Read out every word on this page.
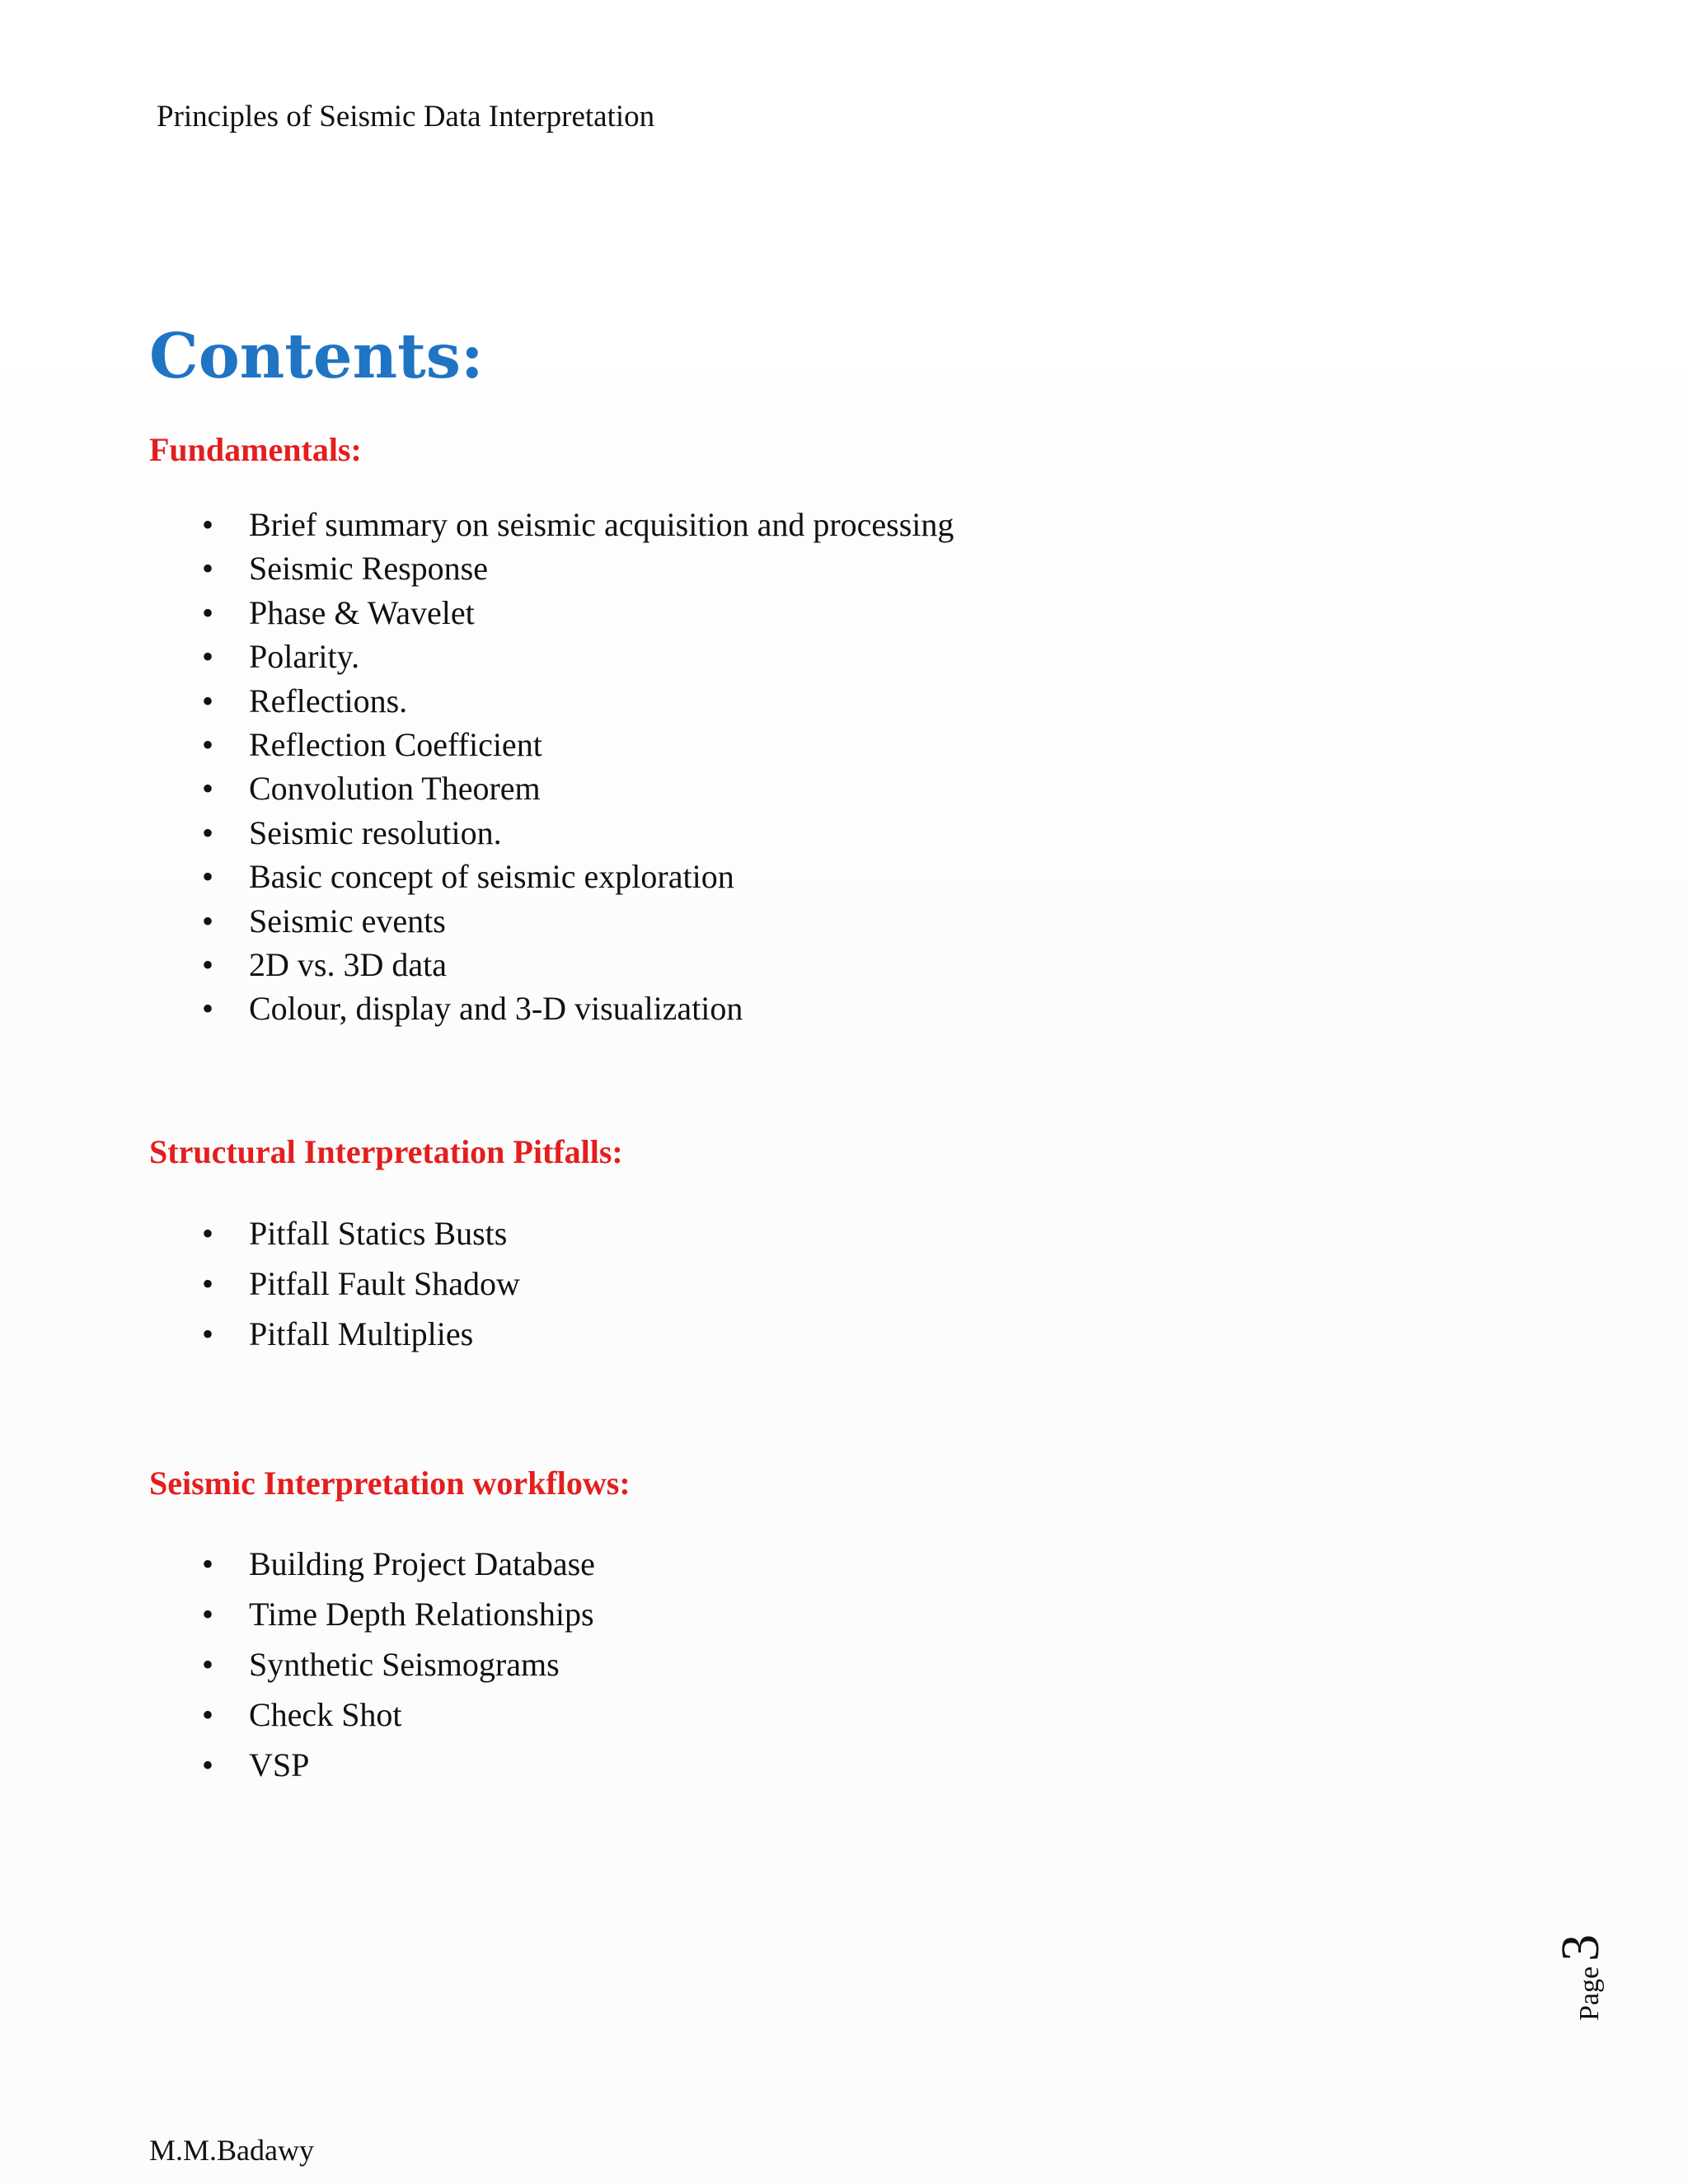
Principles of Seismic Data Interpretation
Contents:
Fundamentals:
• Brief summary on seismic acquisition and processing
• Seismic Response
• Phase & Wavelet
• Polarity.
• Reflections.
• Reflection Coefficient
• Convolution Theorem
• Seismic resolution.
• Basic concept of seismic exploration
• Seismic events
• 2D vs. 3D data
• Colour, display and 3-D visualization
Structural Interpretation Pitfalls:
• Pitfall Statics Busts
• Pitfall Fault Shadow
• Pitfall Multiplies
Seismic Interpretation workflows:
• Building Project Database
• Time Depth Relationships
• Synthetic Seismograms
• Check Shot
• VSP
Page
3
M.M.Badawy
